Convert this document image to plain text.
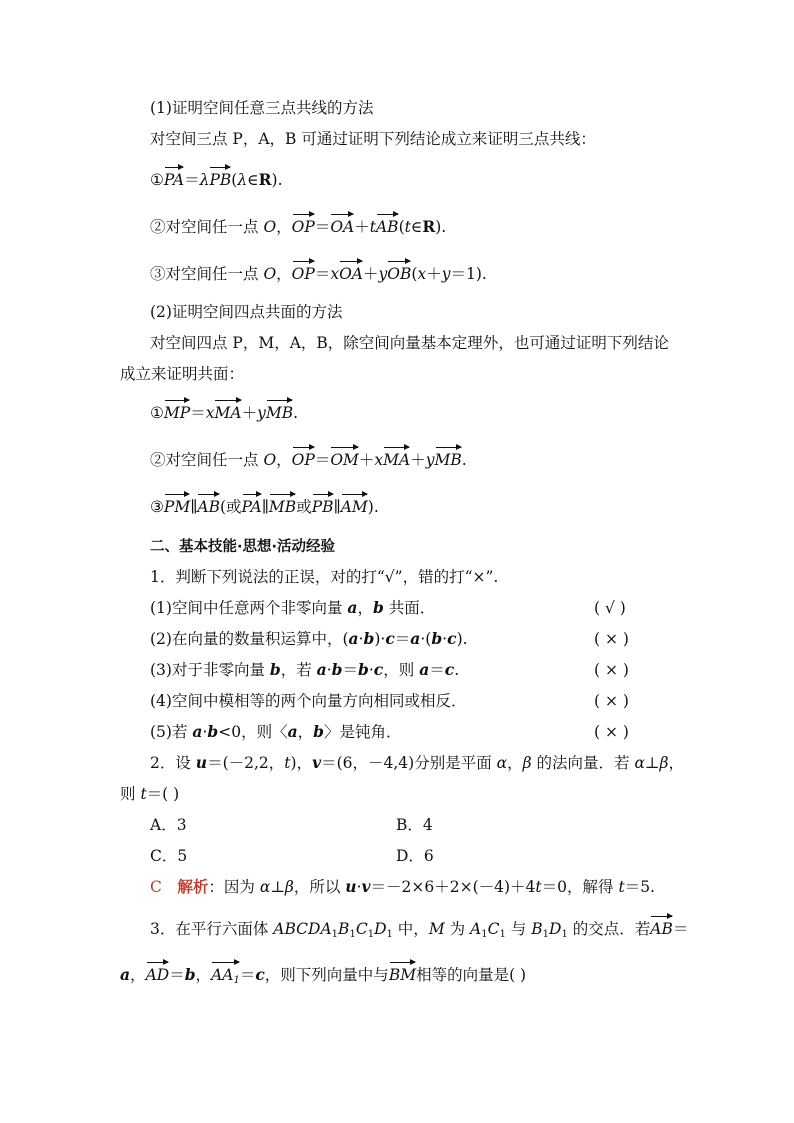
(1)证明空间任意三点共线的方法
对空间三点 P，A，B 可通过证明下列结论成立来证明三点共线：
①PA＝λPB(λ∈R).
②对空间任一点 O，OP＝OA＋tAB(t∈R).
③对空间任一点 O，OP＝xOA＋yOB(x＋y＝1).
(2)证明空间四点共面的方法
对空间四点 P，M，A，B，除空间向量基本定理外，也可通过证明下列结论
成立来证明共面：
①MP＝xMA＋yMB.
②对空间任一点 O，OP＝OM＋xMA＋yMB.
③PM∥AB(或PA∥MB或PB∥AM).
二、基本技能·思想·活动经验
1．判断下列说法的正误，对的打“√”，错的打“×”.
(1)空间中任意两个非零向量 a，b 共面．	( √ )
(2)在向量的数量积运算中，(a·b)·c＝a·(b·c).	( × )
(3)对于非零向量 b，若 a·b＝b·c，则 a＝c.	( × )
(4)空间中模相等的两个向量方向相同或相反．	( × )
(5)若 a·b<0，则〈a，b〉是钝角．	( × )
2．设 u＝(－2,2，t)，v＝(6，－4,4)分别是平面 α，β 的法向量．若 α⊥β，
则 t＝( )
A．3	B．4
C．5	D．6
C　 解析：因为 α⊥β，所以 u·v＝－2×6＋2×(－4)＋4t＝0，解得 t＝5.
3．在平行六面体 $ABCDA_1B_1C_1D_1$ 中，M 为 $A_1C_1$ 与 $B_1D_1$ 的交点．若AB＝
a，AD＝b，$AA_1=c$，则下列向量中与BM相等的向量是( )
